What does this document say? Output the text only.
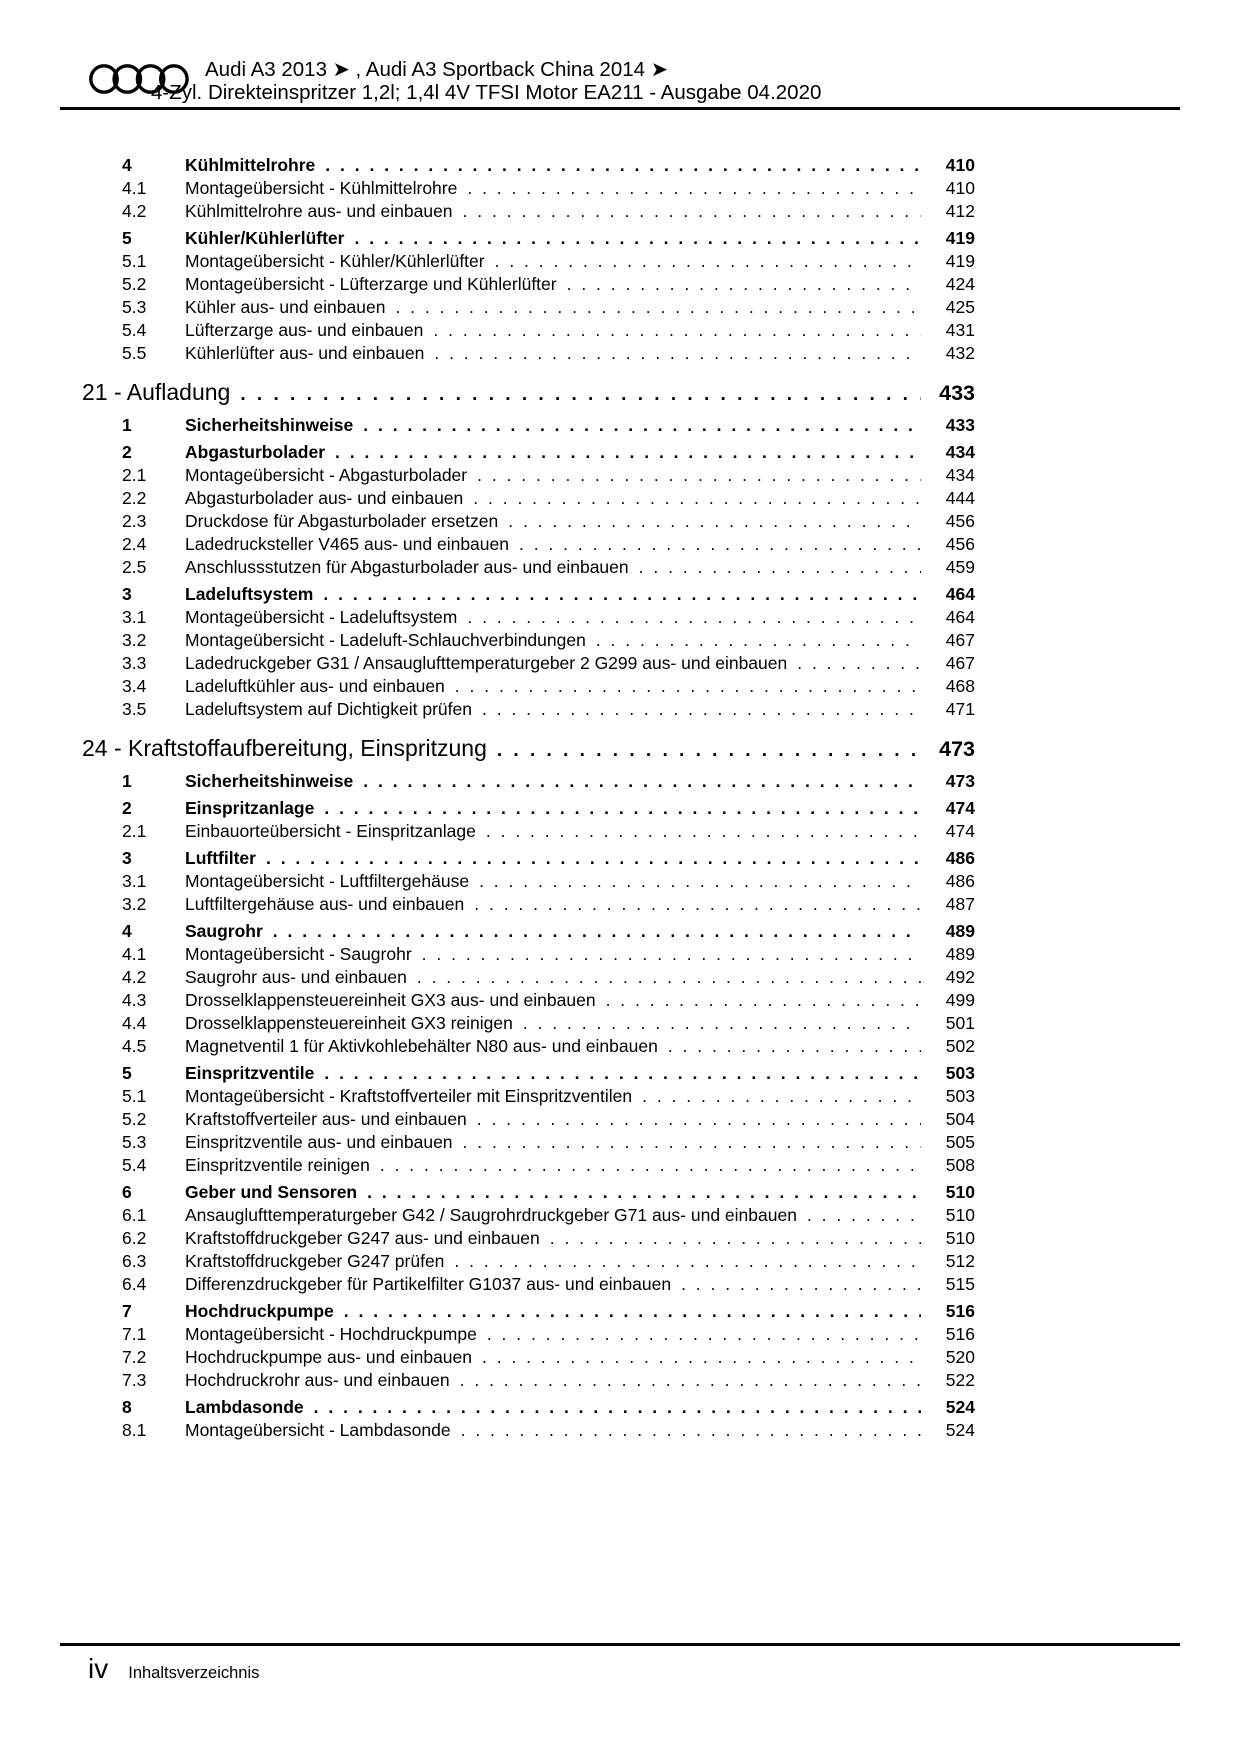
Audi A3 2013 ➤ , Audi A3 Sportback China 2014 ➤
4-Zyl. Direkteinspritzer 1,2l; 1,4l 4V TFSI Motor EA211 - Ausgabe 04.2020
4	Kühlmittelrohre . . .	410
4.1	Montageübersicht - Kühlmittelrohre . . .	410
4.2	Kühlmittelrohre aus- und einbauen . . .	412
5	Kühler/Kühlerlüfter . . .	419
5.1	Montageübersicht - Kühler/Kühlerlüfter . . .	419
5.2	Montageübersicht - Lüfterzarge und Kühlerlüfter . . .	424
5.3	Kühler aus- und einbauen . . .	425
5.4	Lüfterzarge aus- und einbauen . . .	431
5.5	Kühlerlüfter aus- und einbauen . . .	432
21 - Aufladung . . .	433
1	Sicherheitshinweise . . .	433
2	Abgasturbolader . . .	434
2.1	Montageübersicht - Abgasturbolader . . .	434
2.2	Abgasturbolader aus- und einbauen . . .	444
2.3	Druckdose für Abgasturbolader ersetzen . . .	456
2.4	Ladedrucksteller V465 aus- und einbauen . . .	456
2.5	Anschlussstutzen für Abgasturbolader aus- und einbauen . . .	459
3	Ladeluftsystem . . .	464
3.1	Montageübersicht - Ladeluftsystem . . .	464
3.2	Montageübersicht - Ladeluft-Schlauchverbindungen . . .	467
3.3	Ladedruckgeber G31 / Ansauglufttemperaturgeber 2 G299 aus- und einbauen . . .	467
3.4	Ladeluftkühler aus- und einbauen . . .	468
3.5	Ladeluftsystem auf Dichtigkeit prüfen . . .	471
24 - Kraftstoffaufbereitung, Einspritzung . . .	473
1	Sicherheitshinweise . . .	473
2	Einspritzanlage . . .	474
2.1	Einbauorteübersicht - Einspritzanlage . . .	474
3	Luftfilter . . .	486
3.1	Montageübersicht - Luftfiltergehäuse . . .	486
3.2	Luftfiltergehäuse aus- und einbauen . . .	487
4	Saugrohr . . .	489
4.1	Montageübersicht - Saugrohr . . .	489
4.2	Saugrohr aus- und einbauen . . .	492
4.3	Drosselklappensteuereinheit GX3 aus- und einbauen . . .	499
4.4	Drosselklappensteuereinheit GX3 reinigen . . .	501
4.5	Magnetventil 1 für Aktivkohlebehälter N80 aus- und einbauen . . .	502
5	Einspritzventile . . .	503
5.1	Montageübersicht - Kraftstoffverteiler mit Einspritzventilen . . .	503
5.2	Kraftstoffverteiler aus- und einbauen . . .	504
5.3	Einspritzventile aus- und einbauen . . .	505
5.4	Einspritzventile reinigen . . .	508
6	Geber und Sensoren . . .	510
6.1	Ansauglufttemperaturgeber G42 / Saugrohrdruckgeber G71 aus- und einbauen . . .	510
6.2	Kraftstoffdruckgeber G247 aus- und einbauen . . .	510
6.3	Kraftstoffdruckgeber G247 prüfen . . .	512
6.4	Differenzdruckgeber für Partikelfilter G1037 aus- und einbauen . . .	515
7	Hochdruckpumpe . . .	516
7.1	Montageübersicht - Hochdruckpumpe . . .	516
7.2	Hochdruckpumpe aus- und einbauen . . .	520
7.3	Hochdruckrohr aus- und einbauen . . .	522
8	Lambdasonde . . .	524
8.1	Montageübersicht - Lambdasonde . . .	524
iv Inhaltsverzeichnis
